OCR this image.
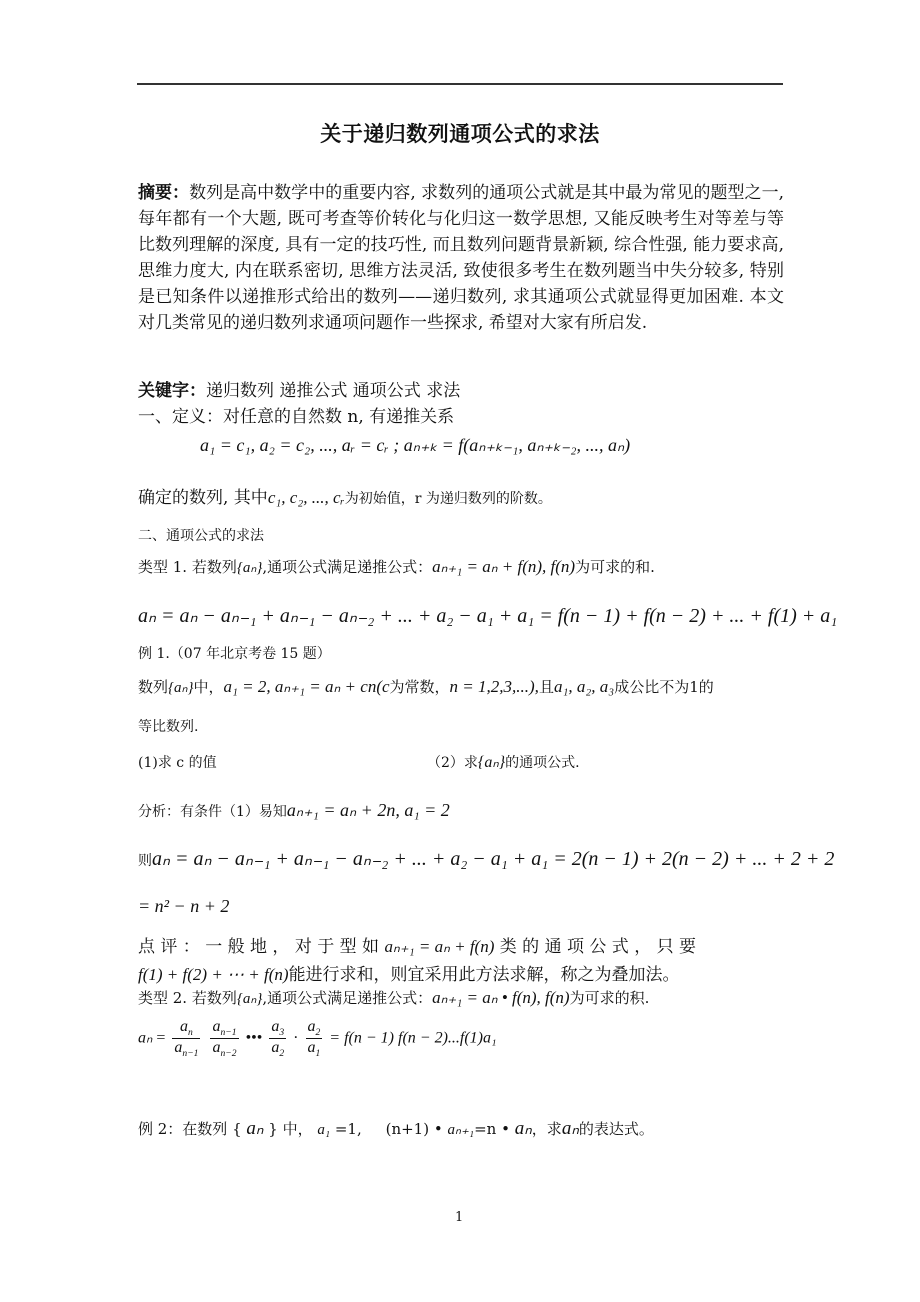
关于递归数列通项公式的求法
摘要：数列是高中数学中的重要内容, 求数列的通项公式就是其中最为常见的题型之一, 每年都有一个大题, 既可考查等价转化与化归这一数学思想, 又能反映考生对等差与等比数列理解的深度, 具有一定的技巧性, 而且数列问题背景新颖, 综合性强, 能力要求高, 思维力度大, 内在联系密切, 思维方法灵活, 致使很多考生在数列题当中失分较多, 特别是已知条件以递推形式给出的数列——递归数列, 求其通项公式就显得更加困难. 本文对几类常见的递归数列求通项问题作一些探求, 希望对大家有所启发.
关键字：递归数列 递推公式 通项公式 求法
一、定义：对任意的自然数 n, 有递推关系
a₁ = c₁, a₂ = c₂, ..., aᵣ = cᵣ ; aₙ₊ₖ = f(aₙ₊ₖ₋₁, aₙ₊ₖ₋₂, ..., aₙ)
确定的数列, 其中c₁, c₂, ..., cᵣ为初始值，r 为递归数列的阶数。
二、通项公式的求法
类型 1. 若数列{aₙ},通项公式满足递推公式：aₙ₊₁ = aₙ + f(n), f(n)为可求的和.
aₙ = aₙ − aₙ₋₁ + aₙ₋₁ − aₙ₋₂ + ... + a₂ − a₁ + a₁ = f(n − 1) + f(n − 2) + ... + f(1) + a₁
例 1.（07 年北京考卷 15 题）
数列{aₙ}中，a₁ = 2, aₙ₊₁ = aₙ + cn(c为常数，n = 1,2,3,...),且a₁, a₂, a₃成公比不为1的
等比数列.
(1)求 c 的值	（2）求{aₙ}的通项公式.
分析：有条件（1）易知aₙ₊₁ = aₙ + 2n, a₁ = 2
则aₙ = aₙ − aₙ₋₁ + aₙ₋₁ − aₙ₋₂ + ... + a₂ − a₁ + a₁ = 2(n − 1) + 2(n − 2) + ... + 2 + 2
= n² − n + 2
点 评 ： 一 般 地 ， 对 于 型 如 aₙ₊₁ = aₙ + f(n) 类 的 通 项 公 式 ， 只 要
f(1) + f(2) + ⋯ + f(n)能进行求和，则宜采用此方法求解，称之为叠加法。
类型 2. 若数列{aₙ},通项公式满足递推公式：aₙ₊₁ = aₙ • f(n), f(n)为可求的积.
$a_n = \frac{a_n}{a_{n-1}}$
$\frac{a_{n-1}}{a_{n-2}}$ ••• $\frac{a_3}{a_2} \cdot \frac{a_2}{a_1} = f(n - 1) f(n - 2)...f(1)a_1$
例 2：在数列 { aₙ } 中， a₁ =1, (n+1) • aₙ₊₁=n • aₙ，求aₙ的表达式。
1
